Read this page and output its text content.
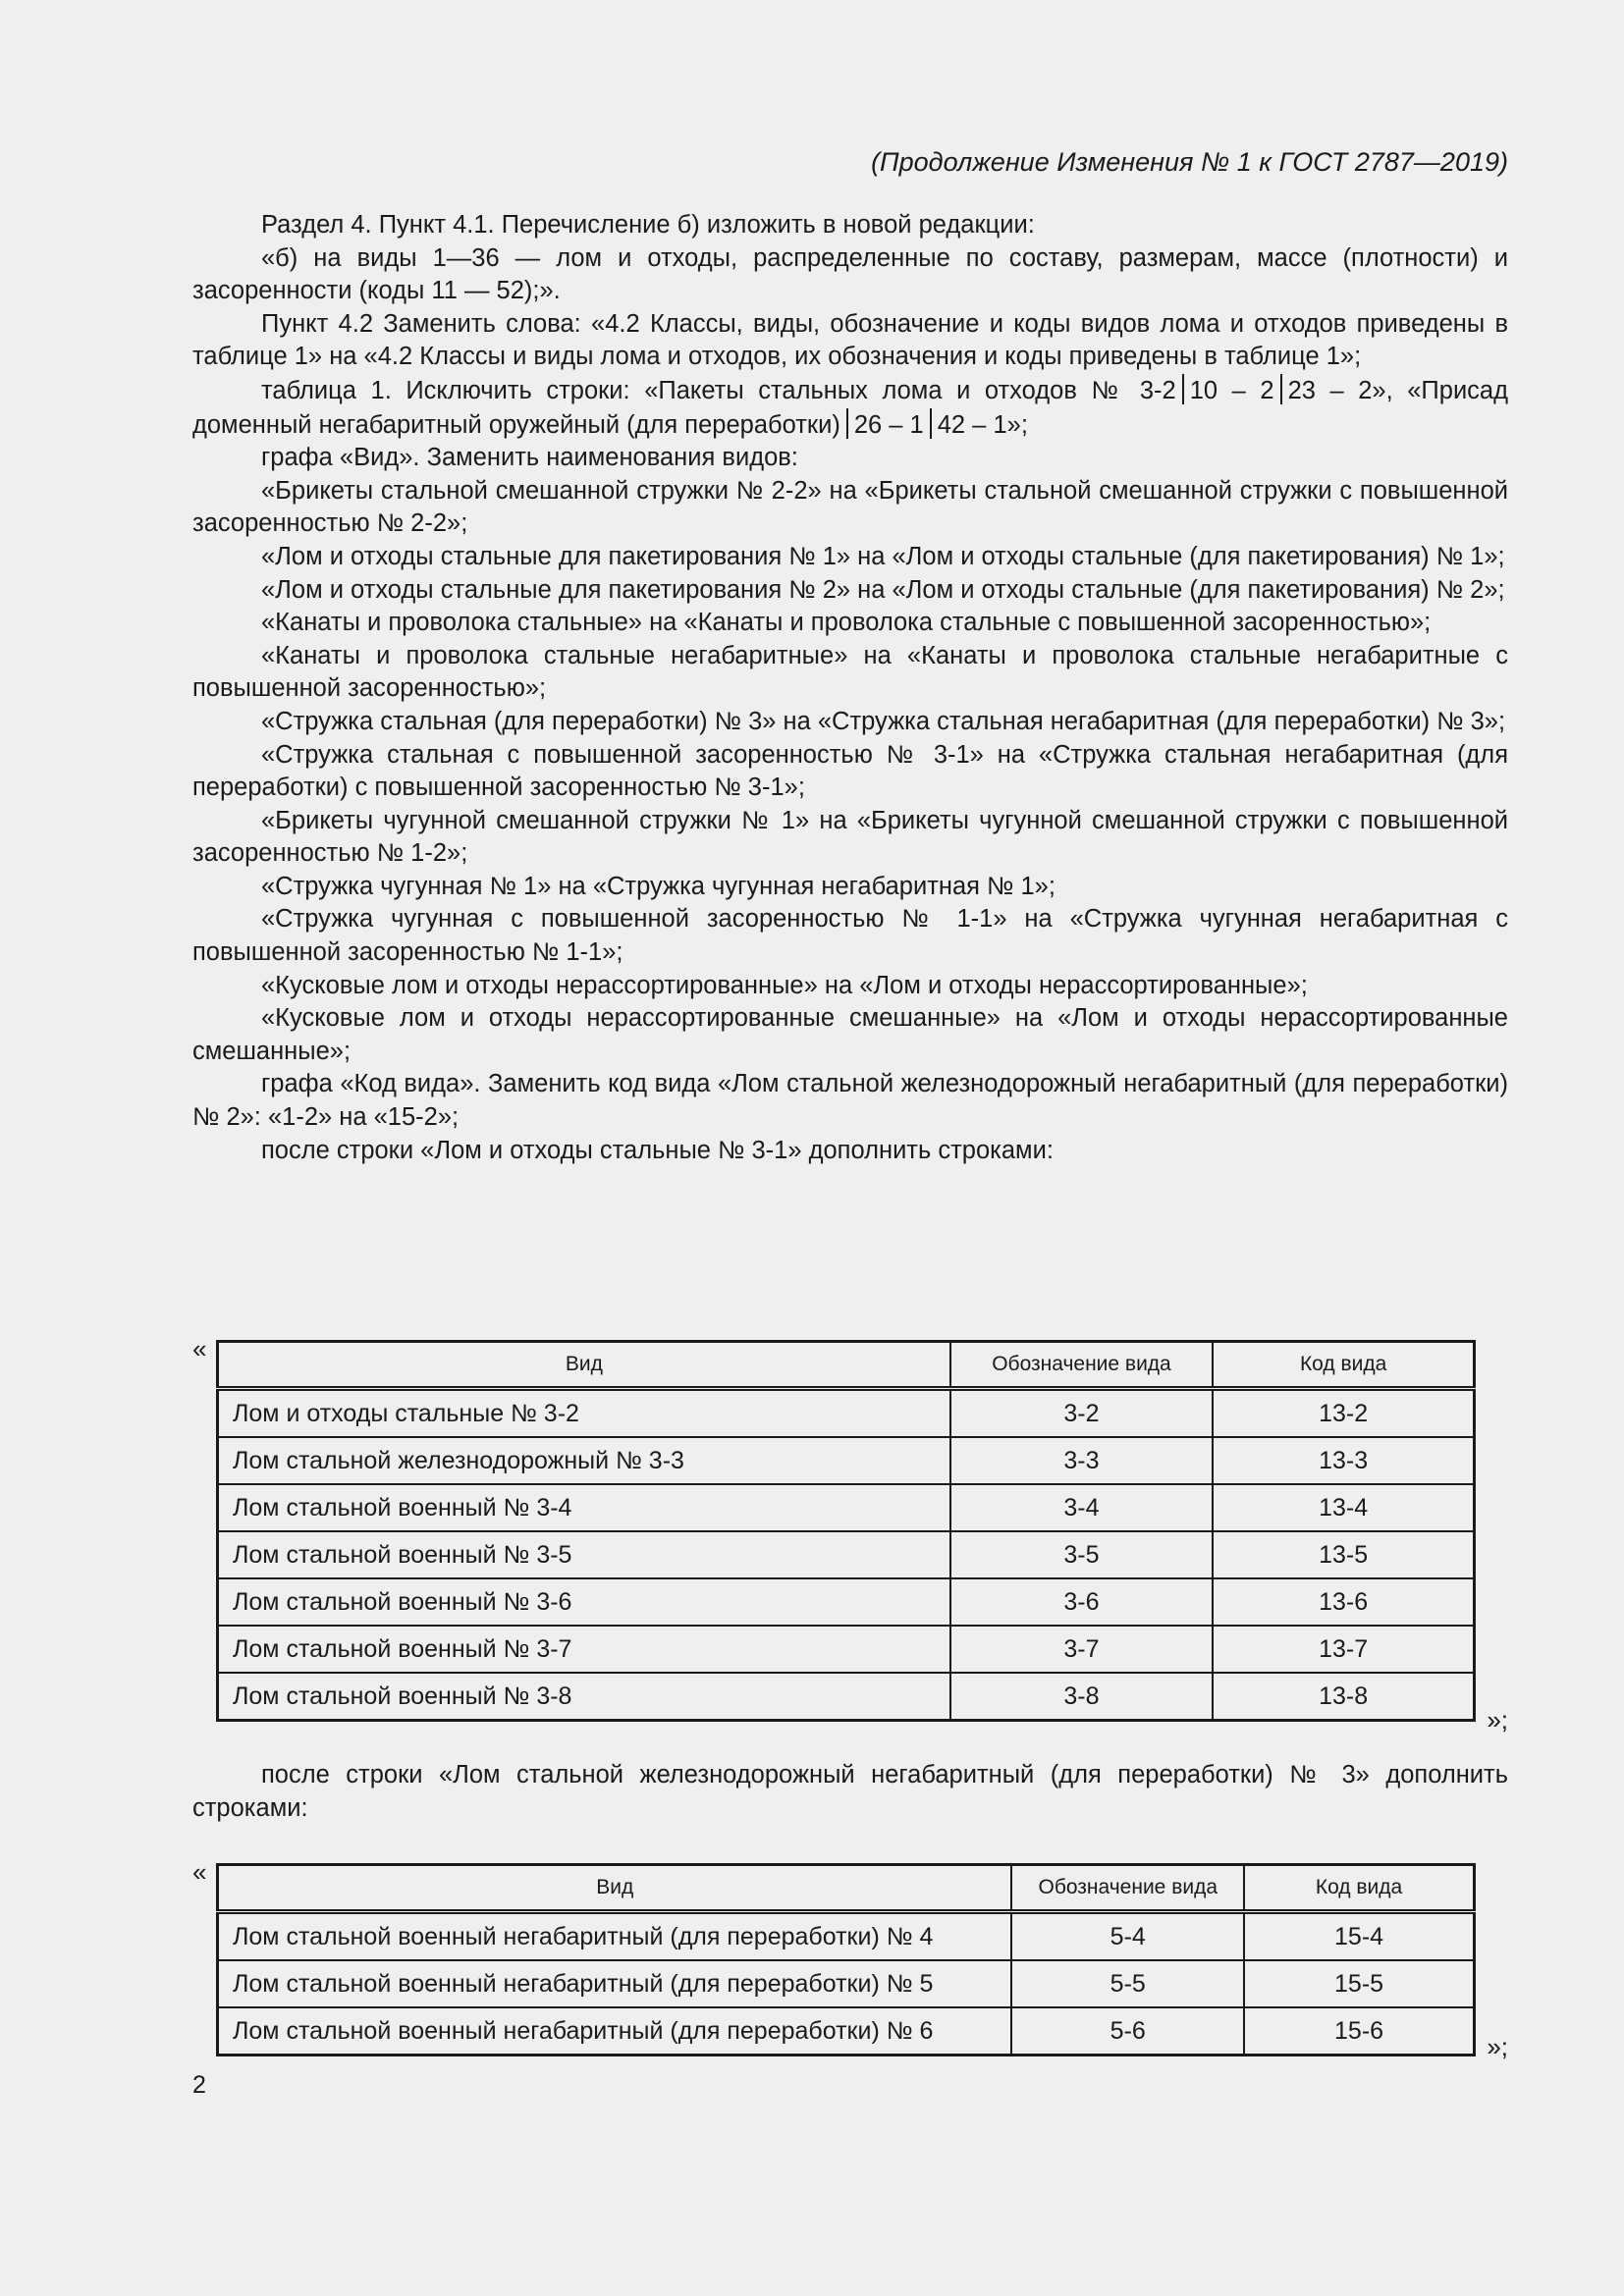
(Продолжение Изменения № 1 к ГОСТ 2787—2019)

Раздел 4. Пункт 4.1. Перечисление б) изложить в новой редакции:

«б) на виды 1—36 — лом и отходы, распределенные по составу, размерам, массе (плотности) и засоренности (коды 11 — 52);».

Пункт 4.2 Заменить слова: «4.2 Классы, виды, обозначение и коды видов лома и отходов приведены в таблице 1» на «4.2 Классы и виды лома и отходов, их обозначения и коды приведены в таблице 1»;

таблица 1. Исключить строки: «Пакеты стальных лома и отходов № 3-2 10 – 2 23 – 2», «Присад доменный негабаритный оружейный (для переработки) 26 – 1 42 – 1»;

графа «Вид». Заменить наименования видов:

«Брикеты стальной смешанной стружки № 2-2» на «Брикеты стальной смешанной стружки с повышенной засоренностью № 2-2»;

«Лом и отходы стальные для пакетирования № 1» на «Лом и отходы стальные (для пакетирования) № 1»;

«Лом и отходы стальные для пакетирования № 2» на «Лом и отходы стальные (для пакетирования) № 2»;

«Канаты и проволока стальные» на «Канаты и проволока стальные с повышенной засоренностью»;

«Канаты и проволока стальные негабаритные» на «Канаты и проволока стальные негабаритные с повышенной засоренностью»;

«Стружка стальная (для переработки) № 3» на «Стружка стальная негабаритная (для переработки) № 3»;

«Стружка стальная с повышенной засоренностью № 3-1» на «Стружка стальная негабаритная (для переработки) с повышенной засоренностью № 3-1»;

«Брикеты чугунной смешанной стружки № 1» на «Брикеты чугунной смешанной стружки с повышенной засоренностью № 1-2»;

«Стружка чугунная № 1» на «Стружка чугунная негабаритная № 1»;

«Стружка чугунная с повышенной засоренностью № 1-1» на «Стружка чугунная негабаритная с повышенной засоренностью № 1-1»;

«Кусковые лом и отходы нерассортированные» на «Лом и отходы нерассортированные»;

«Кусковые лом и отходы нерассортированные смешанные» на «Лом и отходы нерассортированные смешанные»;

графа «Код вида». Заменить код вида «Лом стальной железнодорожный негабаритный (для переработки) № 2»: «1-2» на «15-2»;

после строки «Лом и отходы стальные № 3-1» дополнить строками:

«
Вид	Обозначение вида	Код вида
Лом и отходы стальные № 3-2	3-2	13-2
Лом стальной железнодорожный № 3-3	3-3	13-3
Лом стальной военный № 3-4	3-4	13-4
Лом стальной военный № 3-5	3-5	13-5
Лом стальной военный № 3-6	3-6	13-6
Лом стальной военный № 3-7	3-7	13-7
Лом стальной военный № 3-8	3-8	13-8
»;

после строки «Лом стальной железнодорожный негабаритный (для переработки) № 3» дополнить строками:

«
Вид	Обозначение вида	Код вида
Лом стальной военный негабаритный (для переработки) № 4	5-4	15-4
Лом стальной военный негабаритный (для переработки) № 5	5-5	15-5
Лом стальной военный негабаритный (для переработки) № 6	5-6	15-6
»;
2
